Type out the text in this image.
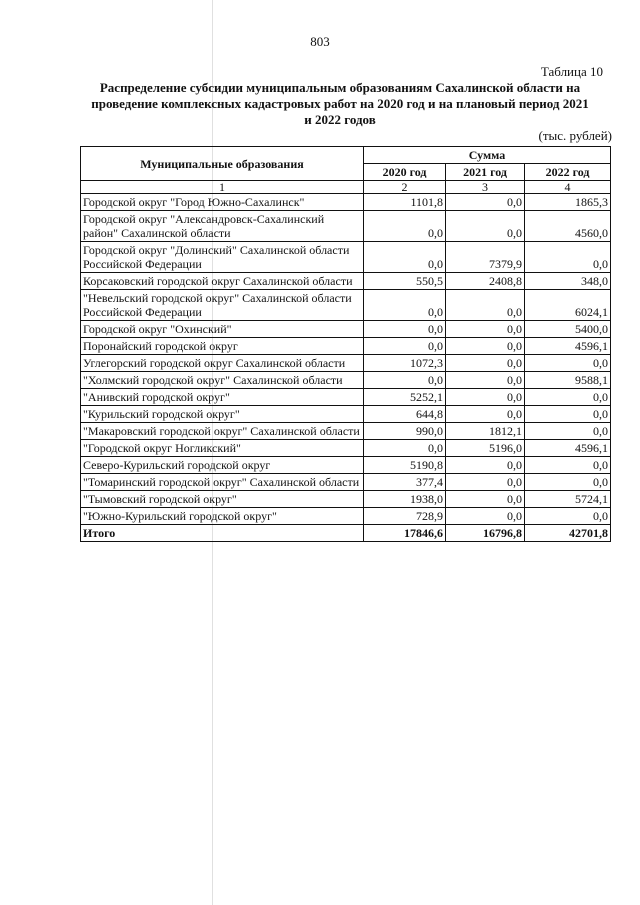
803
Таблица 10
Распределение субсидии муниципальным образованиям Сахалинской области на проведение комплексных кадастровых работ на 2020 год и на плановый период 2021 и 2022 годов
(тыс. рублей)
Муниципальные образования	Сумма		
	2020 год	2021 год	2022 год
1	2	3	4
Городской округ "Город Южно-Сахалинск"	1101,8	0,0	1865,3
Городской округ "Александровск-Сахалинский район" Сахалинской области	0,0	0,0	4560,0
Городской округ "Долинский" Сахалинской области Российской Федерации	0,0	7379,9	0,0
Корсаковский городской округ Сахалинской области	550,5	2408,8	348,0
"Невельский городской округ" Сахалинской области Российской Федерации	0,0	0,0	6024,1
Городской округ "Охинский"	0,0	0,0	5400,0
Поронайский городской округ	0,0	0,0	4596,1
Углегорский городской округ Сахалинской области	1072,3	0,0	0,0
"Холмский городской округ" Сахалинской области	0,0	0,0	9588,1
"Анивский городской округ"	5252,1	0,0	0,0
"Курильский городской округ"	644,8	0,0	0,0
"Макаровский городской округ" Сахалинской области	990,0	1812,1	0,0
"Городской округ Ногликский"	0,0	5196,0	4596,1
Северо-Курильский городской округ	5190,8	0,0	0,0
"Томаринский городской округ" Сахалинской области	377,4	0,0	0,0
"Тымовский городской округ"	1938,0	0,0	5724,1
"Южно-Курильский городской округ"	728,9	0,0	0,0
Итого	17846,6	16796,8	42701,8
